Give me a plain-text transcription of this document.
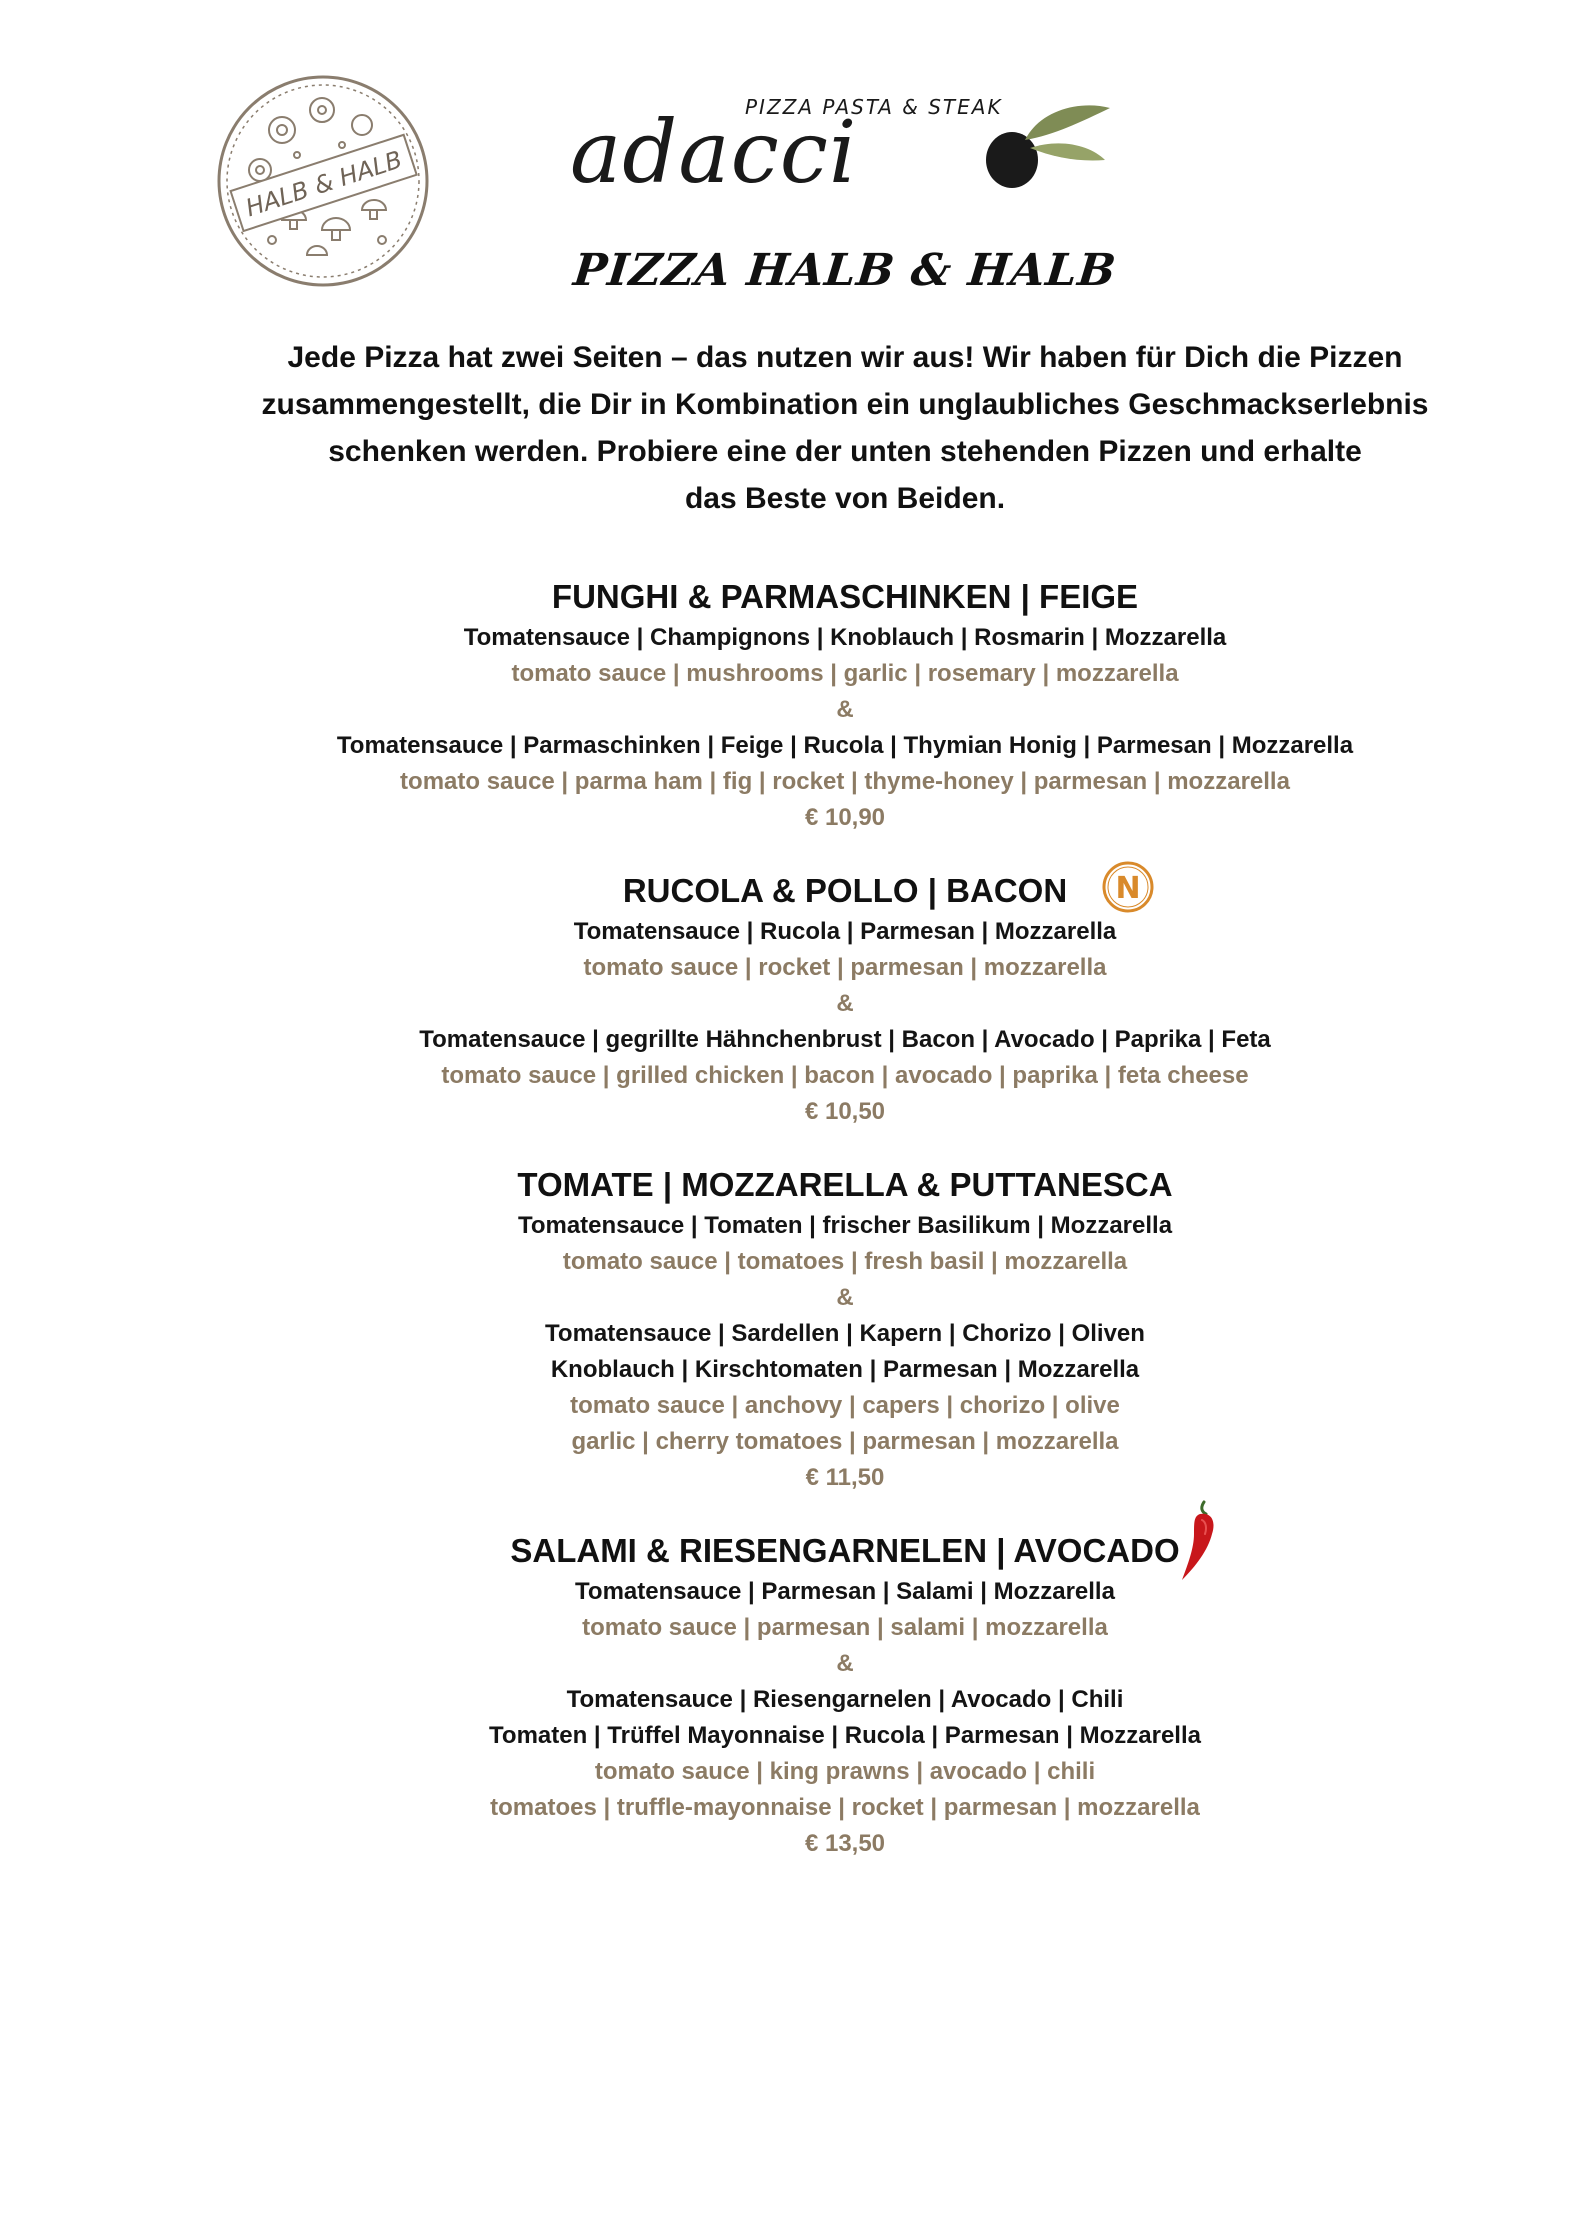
HALB & HALB
PIZZA PASTA & STEAK
adacci
PIZZA HALB & HALB
Jede Pizza hat zwei Seiten – das nutzen wir aus! Wir haben für Dich die Pizzen
zusammengestellt, die Dir in Kombination ein unglaubliches Geschmackserlebnis
schenken werden. Probiere eine der unten stehenden Pizzen und erhalte
das Beste von Beiden.
FUNGHI & PARMASCHINKEN | FEIGE
Tomatensauce | Champignons | Knoblauch | Rosmarin | Mozzarella
tomato sauce | mushrooms | garlic | rosemary | mozzarella
&
Tomatensauce | Parmaschinken | Feige | Rucola | Thymian Honig | Parmesan | Mozzarella
tomato sauce | parma ham | fig | rocket | thyme-honey | parmesan | mozzarella
€ 10,90
RUCOLA & POLLO | BACON N
Tomatensauce | Rucola | Parmesan | Mozzarella
tomato sauce | rocket | parmesan | mozzarella
&
Tomatensauce | gegrillte Hähnchenbrust | Bacon | Avocado | Paprika | Feta
tomato sauce | grilled chicken | bacon | avocado | paprika | feta cheese
€ 10,50
TOMATE | MOZZARELLA & PUTTANESCA
Tomatensauce | Tomaten | frischer Basilikum | Mozzarella
tomato sauce | tomatoes | fresh basil | mozzarella
&
Tomatensauce | Sardellen | Kapern | Chorizo | Oliven
Knoblauch | Kirschtomaten | Parmesan | Mozzarella
tomato sauce | anchovy | capers | chorizo | olive
garlic | cherry tomatoes | parmesan | mozzarella
€ 11,50
SALAMI & RIESENGARNELEN | AVOCADO
Tomatensauce | Parmesan | Salami | Mozzarella
tomato sauce | parmesan | salami | mozzarella
&
Tomatensauce | Riesengarnelen | Avocado | Chili
Tomaten | Trüffel Mayonnaise | Rucola | Parmesan | Mozzarella
tomato sauce | king prawns | avocado | chili
tomatoes | truffle-mayonnaise | rocket | parmesan | mozzarella
€ 13,50
